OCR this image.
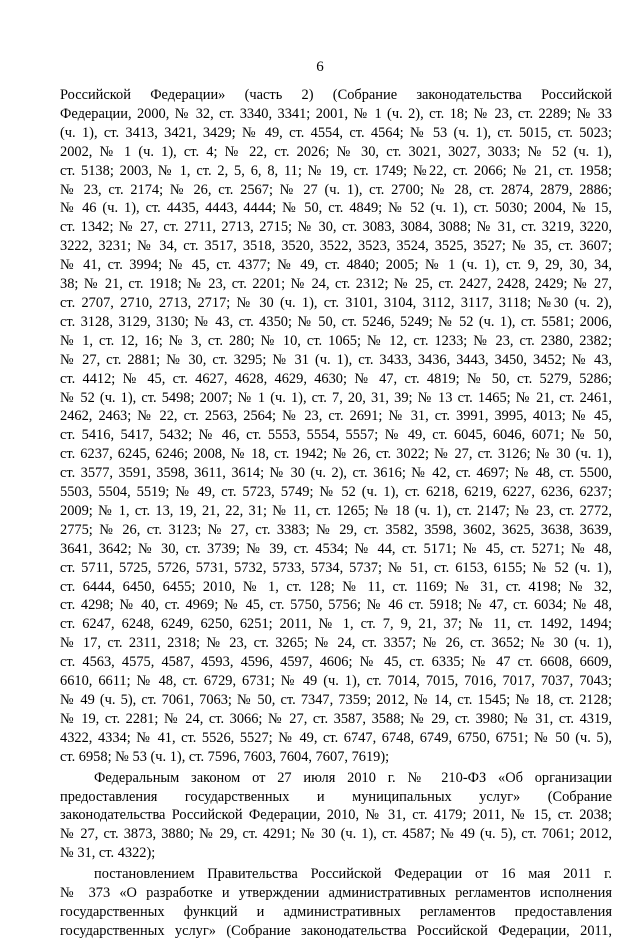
6
Российской Федерации» (часть 2) (Собрание законодательства Российской
Федерации, 2000, № 32, ст. 3340, 3341; 2001, № 1 (ч. 2), ст. 18; № 23, ст. 2289; № 33
(ч. 1), ст. 3413, 3421, 3429; № 49, ст. 4554, ст. 4564; № 53 (ч. 1), ст. 5015, ст. 5023;
2002, № 1 (ч. 1), ст. 4; № 22, ст. 2026; № 30, ст. 3021, 3027, 3033; № 52 (ч. 1),
ст. 5138; 2003, № 1, ст. 2, 5, 6, 8, 11; № 19, ст. 1749; №22, ст. 2066; № 21, ст. 1958;
№ 23, ст. 2174; № 26, ст. 2567; № 27 (ч. 1), ст. 2700; № 28, ст. 2874, 2879, 2886;
№ 46 (ч. 1), ст. 4435, 4443, 4444; № 50, ст. 4849; № 52 (ч. 1), ст. 5030; 2004, № 15,
ст. 1342; № 27, ст. 2711, 2713, 2715; № 30, ст. 3083, 3084, 3088; № 31, ст. 3219, 3220,
3222, 3231; № 34, ст. 3517, 3518, 3520, 3522, 3523, 3524, 3525, 3527; № 35, ст. 3607;
№ 41, ст. 3994; № 45, ст. 4377; № 49, ст. 4840; 2005; № 1 (ч. 1), ст. 9, 29, 30, 34,
38; № 21, ст. 1918; № 23, ст. 2201; № 24, ст. 2312; № 25, ст. 2427, 2428, 2429; № 27,
ст. 2707, 2710, 2713, 2717; № 30 (ч. 1), ст. 3101, 3104, 3112, 3117, 3118; №30 (ч. 2),
ст. 3128, 3129, 3130; № 43, ст. 4350; № 50, ст. 5246, 5249; № 52 (ч. 1), ст. 5581; 2006,
№ 1, ст. 12, 16; № 3, ст. 280; № 10, ст. 1065; № 12, ст. 1233; № 23, ст. 2380, 2382;
№ 27, ст. 2881; № 30, ст. 3295; № 31 (ч. 1), ст. 3433, 3436, 3443, 3450, 3452; № 43,
ст. 4412; № 45, ст. 4627, 4628, 4629, 4630; № 47, ст. 4819; № 50, ст. 5279, 5286;
№ 52 (ч. 1), ст. 5498; 2007; № 1 (ч. 1), ст. 7, 20, 31, 39; № 13 ст. 1465; № 21, ст. 2461,
2462, 2463; № 22, ст. 2563, 2564; № 23, ст. 2691; № 31, ст. 3991, 3995, 4013; № 45,
ст. 5416, 5417, 5432; № 46, ст. 5553, 5554, 5557; № 49, ст. 6045, 6046, 6071; № 50,
ст. 6237, 6245, 6246; 2008, № 18, ст. 1942; № 26, ст. 3022; № 27, ст. 3126; № 30 (ч. 1),
ст. 3577, 3591, 3598, 3611, 3614; № 30 (ч. 2), ст. 3616; № 42, ст. 4697; № 48, ст. 5500,
5503, 5504, 5519; № 49, ст. 5723, 5749; № 52 (ч. 1), ст. 6218, 6219, 6227, 6236, 6237;
2009; № 1, ст. 13, 19, 21, 22, 31; № 11, ст. 1265; № 18 (ч. 1), ст. 2147; № 23, ст. 2772,
2775; № 26, ст. 3123; № 27, ст. 3383; № 29, ст. 3582, 3598, 3602, 3625, 3638, 3639,
3641, 3642; № 30, ст. 3739; № 39, ст. 4534; № 44, ст. 5171; № 45, ст. 5271; № 48,
ст. 5711, 5725, 5726, 5731, 5732, 5733, 5734, 5737; № 51, ст. 6153, 6155; № 52 (ч. 1),
ст. 6444, 6450, 6455; 2010, № 1, ст. 128; № 11, ст. 1169; № 31, ст. 4198; № 32,
ст. 4298; № 40, ст. 4969; № 45, ст. 5750, 5756; № 46 ст. 5918; № 47, ст. 6034; № 48,
ст. 6247, 6248, 6249, 6250, 6251; 2011, № 1, ст. 7, 9, 21, 37; № 11, ст. 1492, 1494;
№ 17, ст. 2311, 2318; № 23, ст. 3265; № 24, ст. 3357; № 26, ст. 3652; № 30 (ч. 1),
ст. 4563, 4575, 4587, 4593, 4596, 4597, 4606; № 45, ст. 6335; № 47 ст. 6608, 6609,
6610, 6611; № 48, ст. 6729, 6731; № 49 (ч. 1), ст. 7014, 7015, 7016, 7017, 7037, 7043;
№ 49 (ч. 5), ст. 7061, 7063; № 50, ст. 7347, 7359; 2012, № 14, ст. 1545; № 18, ст. 2128;
№ 19, ст. 2281; № 24, ст. 3066; № 27, ст. 3587, 3588; № 29, ст. 3980; № 31, ст. 4319,
4322, 4334; № 41, ст. 5526, 5527; № 49, ст. 6747, 6748, 6749, 6750, 6751; № 50 (ч. 5),
ст. 6958; № 53 (ч. 1), ст. 7596, 7603, 7604, 7607, 7619);
Федеральным законом от 27 июля 2010 г. № 210-ФЗ «Об организации
предоставления государственных и муниципальных услуг» (Собрание
законодательства Российской Федерации, 2010, № 31, ст. 4179; 2011, № 15, ст. 2038;
№ 27, ст. 3873, 3880; № 29, ст. 4291; № 30 (ч. 1), ст. 4587; № 49 (ч. 5), ст. 7061; 2012,
№ 31, ст. 4322);
постановлением Правительства Российской Федерации от 16 мая 2011 г.
№ 373 «О разработке и утверждении административных регламентов исполнения
государственных функций и административных регламентов предоставления
государственных услуг» (Собрание законодательства Российской Федерации, 2011,
